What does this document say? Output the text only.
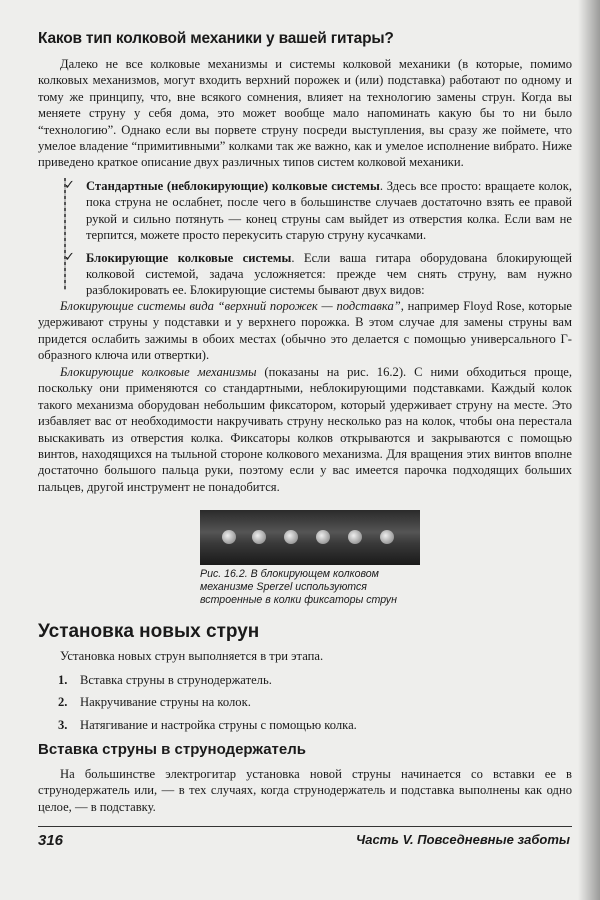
Каков тип колковой механики у вашей гитары?

Далеко не все колковые механизмы и системы колковой механики (в которые, помимо колковых механизмов, могут входить верхний порожек и (или) подставка) работают по одному и тому же принципу, что, вне всякого сомнения, влияет на технологию замены струн. Когда вы меняете струну у себя дома, это может вообще мало напоминать какую бы то ни было “технологию”. Однако если вы порвете струну посреди выступления, вы сразу же поймете, что умелое владение “примитивными” колками так же важно, как и умелое исполнение вибрато. Ниже приведено краткое описание двух различных типов систем колковой механики.

✓ Стандартные (неблокирующие) колковые системы. Здесь все просто: вращаете колок, пока струна не ослабнет, после чего в большинстве случаев достаточно взять ее правой рукой и сильно потянуть — конец струны сам выйдет из отверстия колка. Если вам не терпится, можете просто перекусить старую струну кусачками.
✓ Блокирующие колковые системы. Если ваша гитара оборудована блокирующей колковой системой, задача усложняется: прежде чем снять струну, вам нужно разблокировать ее. Блокирующие системы бывают двух видов:

Блокирующие системы вида “верхний порожек — подставка”, например Floyd Rose, которые удерживают струны у подставки и у верхнего порожка. В этом случае для замены струны вам придется ослабить зажимы в обоих местах (обычно это делается с помощью универсального Г-образного ключа или отвертки).

Блокирующие колковые механизмы (показаны на рис. 16.2). С ними обходиться проще, поскольку они применяются со стандартными, неблокирующими подставками. Каждый колок такого механизма оборудован небольшим фиксатором, который удерживает струну на месте. Это избавляет вас от необходимости накручивать струну несколько раз на колок, чтобы она перестала выскакивать из отверстия колка. Фиксаторы колков открываются и закрываются с помощью винтов, находящихся на тыльной стороне колкового механизма. Для вращения этих винтов вполне достаточно большого пальца руки, поэтому если у вас имеется парочка подходящих больших пальцев, другой инструмент не понадобится.

Рис. 16.2. В блокирующем колковом механизме Sperzel используются встроенные в колки фиксаторы струн

Установка новых струн

Установка новых струн выполняется в три этапа.

1. Вставка струны в струнодержатель.
2. Накручивание струны на колок.
3. Натягивание и настройка струны с помощью колка.
Вставка струны в струнодержатель

На большинстве электрогитар установка новой струны начинается со вставки ее в струнодержатель или, — в тех случаях, когда струнодержатель и подставка выполнены как одно целое, — в подставку.

316	Часть V. Повседневные заботы
